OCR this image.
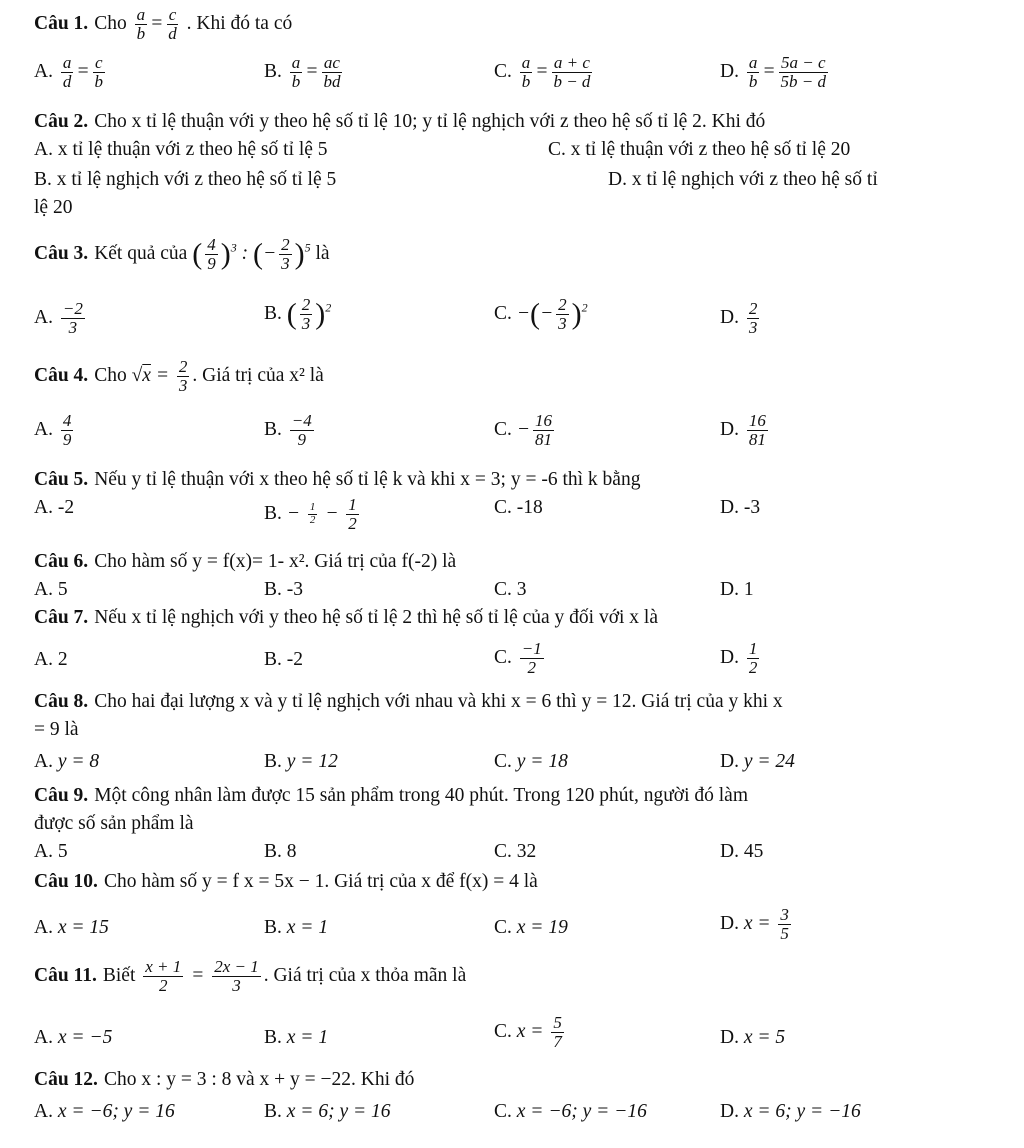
Câu 1. Cho $\frac{a}{b} = \frac{c}{d}$ . Khi đó ta có
A. $\frac{a}{d} = \frac{c}{b}$	B. $\frac{a}{b} = \frac{ac}{bd}$	C. $\frac{a}{b} = \frac{a + c}{b - d}$	D. $\frac{a}{b} = \frac{5a - c}{5b - d}$
Câu 2. Cho x tỉ lệ thuận với y theo hệ số tỉ lệ 10; y tỉ lệ nghịch với z theo hệ số tỉ lệ 2. Khi đó
A. x tỉ lệ thuận với z theo hệ số tỉ lệ 5	C. x tỉ lệ thuận với z theo hệ số tỉ lệ 20
B. x tỉ lệ nghịch với z theo hệ số tỉ lệ 5	D. x tỉ lệ nghịch với z theo hệ số tỉ
lệ 20
Câu 3. Kết quả của ( $\frac{4}{9} )^3$ : (− $\frac{2}{3} )^5$ là
A. $\frac{-2}{3}$	B. ( $\frac{2}{3} )^2$	C. −(− $\frac{2}{3} )^2$	D. $\frac{2}{3}$
Câu 4. Cho $√x = \frac{2}{3}$ . Giá trị của x² là
A. $\frac{4}{9}$	B. $\frac{-4}{9}$	C. − $\frac{16}{81}$	D. $\frac{16}{81}$
Câu 5. Nếu y tỉ lệ thuận với x theo hệ số tỉ lệ k và khi x = 3; y = -6 thì k bằng
A. -2	B. − $\frac{1}{2} - \frac{1}{2}$	C. -18	D. -3
Câu 6. Cho hàm số y = f(x)= 1- x². Giá trị của f(-2) là
A. 5	B. -3	C. 3	D. 1
Câu 7. Nếu x tỉ lệ nghịch với y theo hệ số tỉ lệ 2 thì hệ số tỉ lệ của y đối với x là
A. 2	B. -2	C. $\frac{-1}{2}$	D. $\frac{1}{2}$
Câu 8. Cho hai đại lượng x và y tỉ lệ nghịch với nhau và khi x = 6 thì y = 12. Giá trị của y khi x
= 9 là
A. y = 8	B. y = 12	C. y = 18	D. y = 24
Câu 9. Một công nhân làm được 15 sản phẩm trong 40 phút. Trong 120 phút, người đó làm
được số sản phẩm là
A. 5	B. 8	C. 32	D. 45
Câu 10. Cho hàm số y = f x = 5x − 1. Giá trị của x để f(x) = 4 là
A. x = 15	B. x = 1	C. x = 19	D. $x = \frac{3}{5}$
Câu 11. Biết $\frac{x + 1}{2} = \frac{2x - 1}{3}$ . Giá trị của x thỏa mãn là
A. x = −5	B. x = 1	C. $x = \frac{5}{7}$	D. x = 5
Câu 12. Cho x : y = 3 : 8 và x + y = −22. Khi đó
A. x = −6; y = 16	B. x = 6; y = 16	C. x = −6; y = −16	D. x = 6; y = −16
